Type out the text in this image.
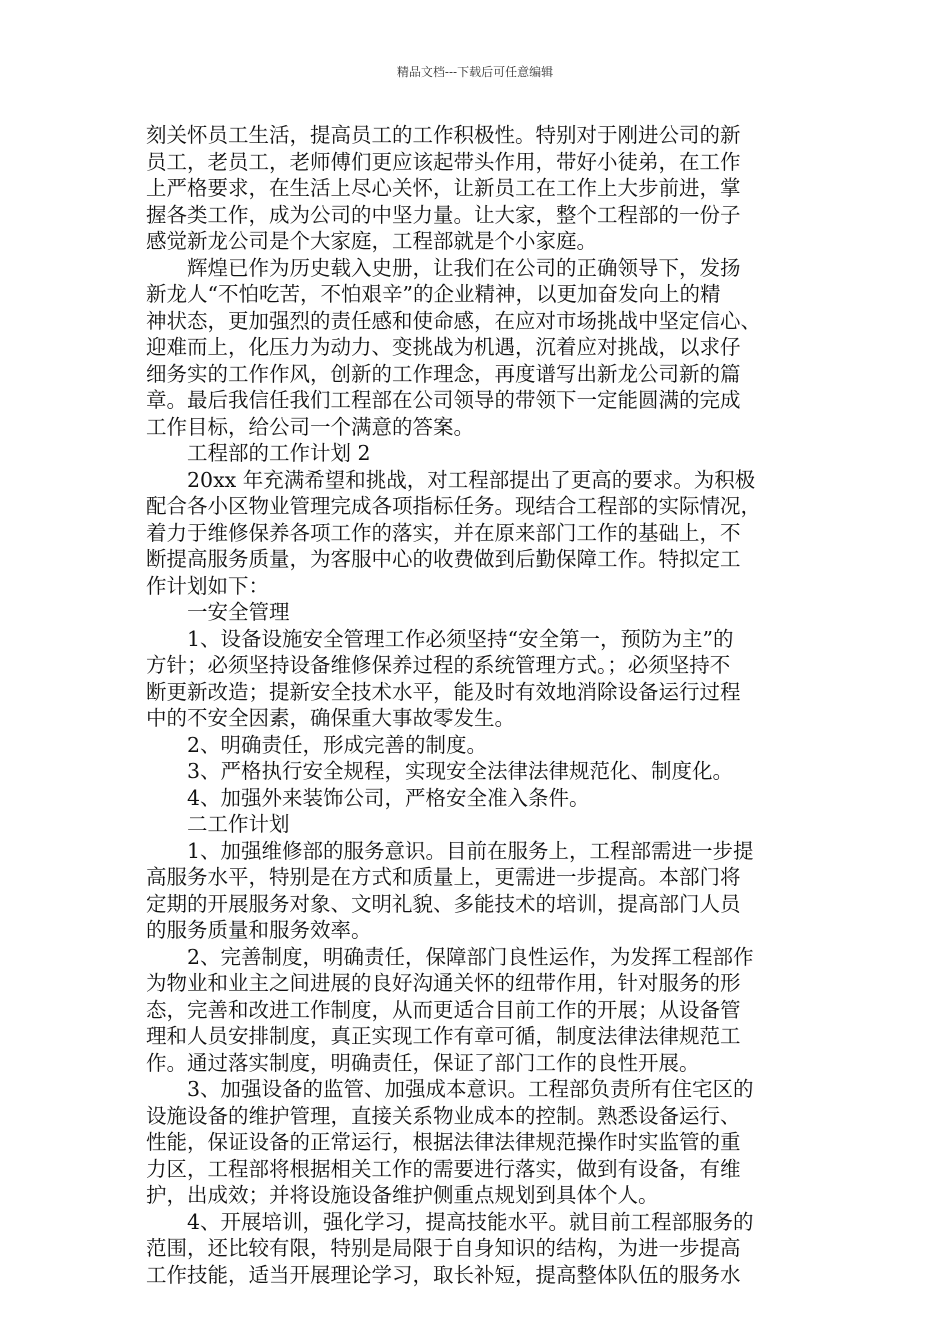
精品文档---下载后可任意编辑

刻关怀员工生活，提高员工的工作积极性。特别对于刚进公司的新

员工，老员工，老师傅们更应该起带头作用，带好小徒弟，在工作

上严格要求，在生活上尽心关怀，让新员工在工作上大步前进，掌

握各类工作，成为公司的中坚力量。让大家，整个工程部的一份子

感觉新龙公司是个大家庭，工程部就是个小家庭。

辉煌已作为历史载入史册，让我们在公司的正确领导下，发扬

新龙人“不怕吃苦，不怕艰辛”的企业精神，以更加奋发向上的精

神状态，更加强烈的责任感和使命感，在应对市场挑战中坚定信心、

迎难而上，化压力为动力、变挑战为机遇，沉着应对挑战，以求仔

细务实的工作作风，创新的工作理念，再度谱写出新龙公司新的篇

章。最后我信任我们工程部在公司领导的带领下一定能圆满的完成

工作目标，给公司一个满意的答案。

工程部的工作计划 2

20xx 年充满希望和挑战，对工程部提出了更高的要求。为积极

配合各小区物业管理完成各项指标任务。现结合工程部的实际情况，

着力于维修保养各项工作的落实，并在原来部门工作的基础上，不

断提高服务质量，为客服中心的收费做到后勤保障工作。特拟定工

作计划如下：

一安全管理

1、设备设施安全管理工作必须坚持“安全第一，预防为主”的

方针；必须坚持设备维修保养过程的系统管理方式。；必须坚持不

断更新改造；提新安全技术水平，能及时有效地消除设备运行过程

中的不安全因素，确保重大事故零发生。

2、明确责任，形成完善的制度。

3、严格执行安全规程，实现安全法律法律规范化、制度化。

4、加强外来装饰公司，严格安全准入条件。

二工作计划

1、加强维修部的服务意识。目前在服务上，工程部需进一步提

高服务水平，特别是在方式和质量上，更需进一步提高。本部门将

定期的开展服务对象、文明礼貌、多能技术的培训，提高部门人员

的服务质量和服务效率。

2、完善制度，明确责任，保障部门良性运作，为发挥工程部作

为物业和业主之间进展的良好沟通关怀的纽带作用，针对服务的形

态，完善和改进工作制度，从而更适合目前工作的开展；从设备管

理和人员安排制度，真正实现工作有章可循，制度法律法律规范工

作。通过落实制度，明确责任，保证了部门工作的良性开展。

3、加强设备的监管、加强成本意识。工程部负责所有住宅区的

设施设备的维护管理，直接关系物业成本的控制。熟悉设备运行、

性能，保证设备的正常运行，根据法律法律规范操作时实监管的重

力区，工程部将根据相关工作的需要进行落实，做到有设备，有维

护，出成效；并将设施设备维护侧重点规划到具体个人。

4、开展培训，强化学习，提高技能水平。就目前工程部服务的

范围，还比较有限，特别是局限于自身知识的结构，为进一步提高

工作技能，适当开展理论学习，取长补短，提高整体队伍的服务水
